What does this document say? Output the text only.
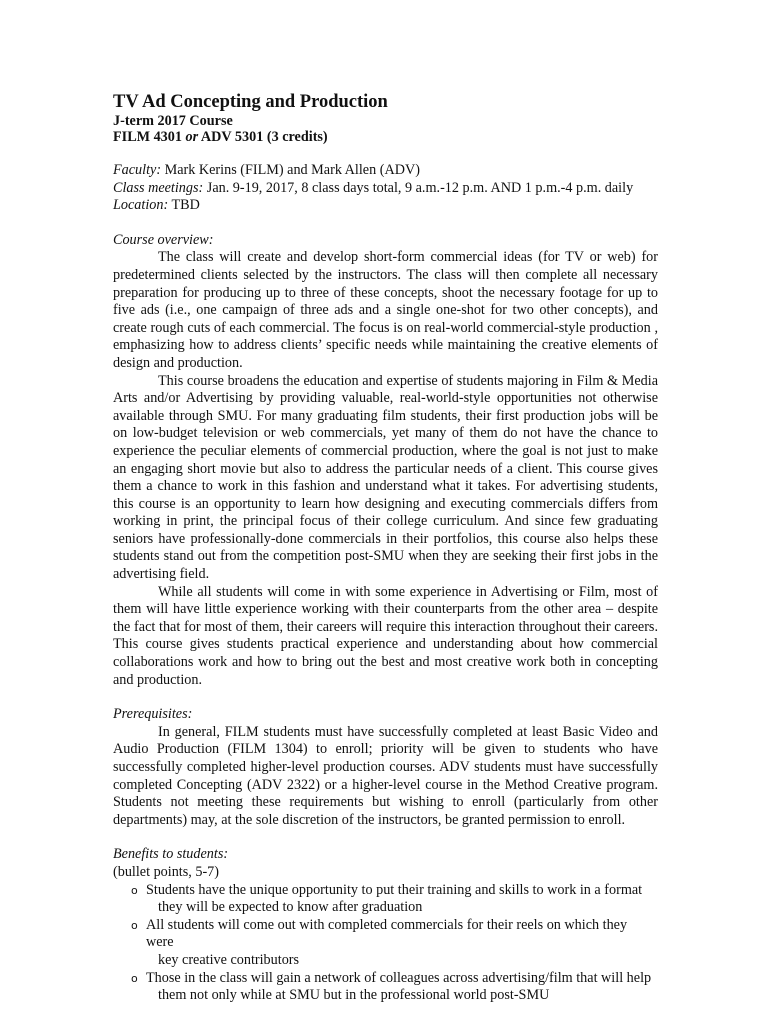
TV Ad Concepting and Production
J-term 2017 Course
FILM 4301 or ADV 5301 (3 credits)
Faculty: Mark Kerins (FILM) and Mark Allen (ADV)
Class meetings: Jan. 9-19, 2017, 8 class days total, 9 a.m.-12 p.m. AND 1 p.m.-4 p.m. daily
Location: TBD
Course overview:

The class will create and develop short-form commercial ideas (for TV or web) for predetermined clients selected by the instructors. The class will then complete all necessary preparation for producing up to three of these concepts, shoot the necessary footage for up to five ads (i.e., one campaign of three ads and a single one-shot for two other concepts), and create rough cuts of each commercial. The focus is on real-world commercial-style production , emphasizing how to address clients’ specific needs while maintaining the creative elements of design and production.

This course broadens the education and expertise of students majoring in Film & Media Arts and/or Advertising by providing valuable, real-world-style opportunities not otherwise available through SMU. For many graduating film students, their first production jobs will be on low-budget television or web commercials, yet many of them do not have the chance to experience the peculiar elements of commercial production, where the goal is not just to make an engaging short movie but also to address the particular needs of a client. This course gives them a chance to work in this fashion and understand what it takes. For advertising students, this course is an opportunity to learn how designing and executing commercials differs from working in print, the principal focus of their college curriculum. And since few graduating seniors have professionally-done commercials in their portfolios, this course also helps these students stand out from the competition post-SMU when they are seeking their first jobs in the advertising field.

While all students will come in with some experience in Advertising or Film, most of them will have little experience working with their counterparts from the other area – despite the fact that for most of them, their careers will require this interaction throughout their careers. This course gives students practical experience and understanding about how commercial collaborations work and how to bring out the best and most creative work both in concepting and production.

Prerequisites:

In general, FILM students must have successfully completed at least Basic Video and Audio Production (FILM 1304) to enroll; priority will be given to students who have successfully completed higher-level production courses. ADV students must have successfully completed Concepting (ADV 2322) or a higher-level course in the Method Creative program. Students not meeting these requirements but wishing to enroll (particularly from other departments) may, at the sole discretion of the instructors, be granted permission to enroll.

Benefits to students:

(bullet points, 5-7)

o Students have the unique opportunity to put their training and skills to work in a format
they will be expected to know after graduation
o All students will come out with completed commercials for their reels on which they were
key creative contributors
o Those in the class will gain a network of colleagues across advertising/film that will help
them not only while at SMU but in the professional world post-SMU
